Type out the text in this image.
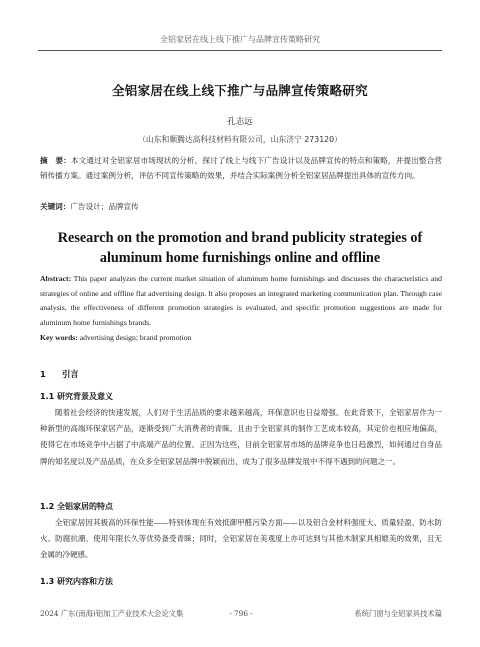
全铝家居在线上线下推广与品牌宣传策略研究
全铝家居在线上线下推广与品牌宣传策略研究
孔志远
（山东和顺腾达高科技材料有限公司，山东济宁 273120）
摘　要：本文通过对全铝家居市场现状的分析，探讨了线上与线下广告设计以及品牌宣传的特点和策略，并提出整合营销传播方案。通过案例分析，评估不同宣传策略的效果，并结合实际案例分析全铝家居品牌提出具体的宣传方向。
关键词：广告设计；品牌宣传
Research on the promotion and brand publicity strategies of aluminum home furnishings online and offline
Abstract: This paper analyzes the current market situation of aluminum home furnishings and discusses the characteristics and strategies of online and offline flat advertising design. It also proposes an integrated marketing communication plan. Through case analysis, the effectiveness of different promotion strategies is evaluated, and specific promotion suggestions are made for aluminum home furnishings brands.
Key words: advertising design; brand promotion
1 引言
1.1 研究背景及意义
随着社会经济的快速发展，人们对于生活品质的要求越来越高，环保意识也日益增强。在此背景下，全铝家居作为一种新型的高端环保家居产品，逐渐受到广大消费者的青睐。且由于全铝家具的制作工艺成本较高，其定价也相应地偏高，使得它在市场竞争中占据了中高端产品的位置。正因为这些，目前全铝家居市场的品牌竞争也日趋激烈，如何通过自身品牌的知名度以及产品品质，在众多全铝家居品牌中脱颖而出，成为了很多品牌发展中不得不遇到的问题之一。
1.2 全铝家居的特点
全铝家居因其极高的环保性能——特别体现在有效抵御甲醛污染方面——以及铝合金材料强度大、质量轻盈、防水防火、防腐抗潮、使用年限长久等优势备受青睐；同时，全铝家居在美观度上亦可达到与其他木制家具相媲美的效果，且无金属的冷硬感。
1.3 研究内容和方法
2024 广东(南海)铝加工产业技术大会论文集	- 796 -	系统门窗与全铝家具技术篇
